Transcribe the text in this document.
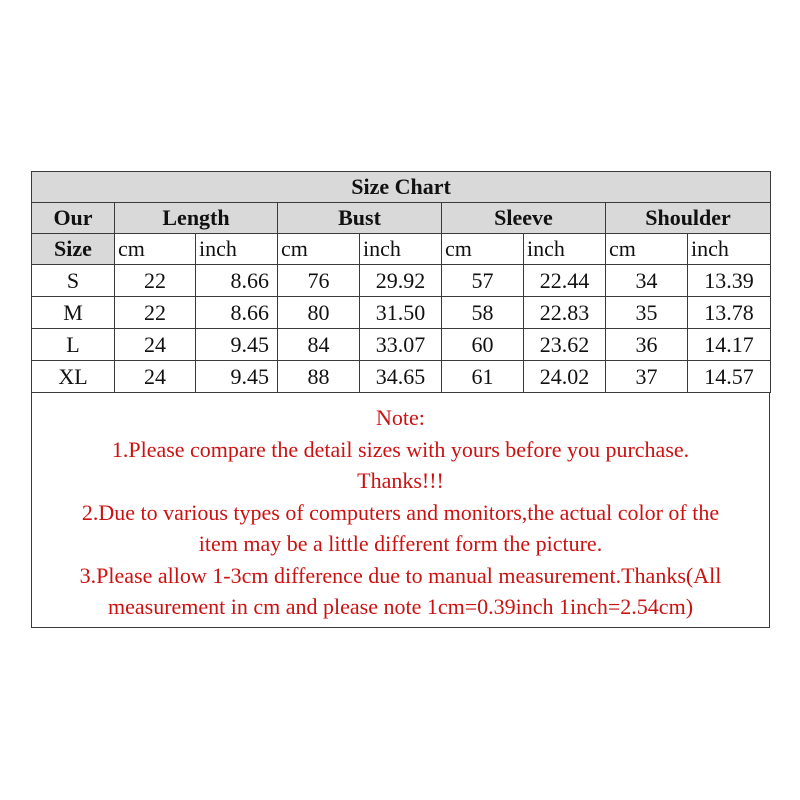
Size Chart								
Our	Length		Bust		Sleeve		Shoulder	
Size	cm	inch	cm	inch	cm	inch	cm	inch
S	22	8.66	76	29.92	57	22.44	34	13.39
M	22	8.66	80	31.50	58	22.83	35	13.78
L	24	9.45	84	33.07	60	23.62	36	14.17
XL	24	9.45	88	34.65	61	24.02	37	14.57
Note:
1.Please compare the detail sizes with yours before you purchase.
Thanks!!!
2.Due to various types of computers and monitors,the actual color of the
item may be a little different form the picture.
3.Please allow 1-3cm difference due to manual measurement.Thanks(All
measurement in cm and please note 1cm=0.39inch 1inch=2.54cm)
